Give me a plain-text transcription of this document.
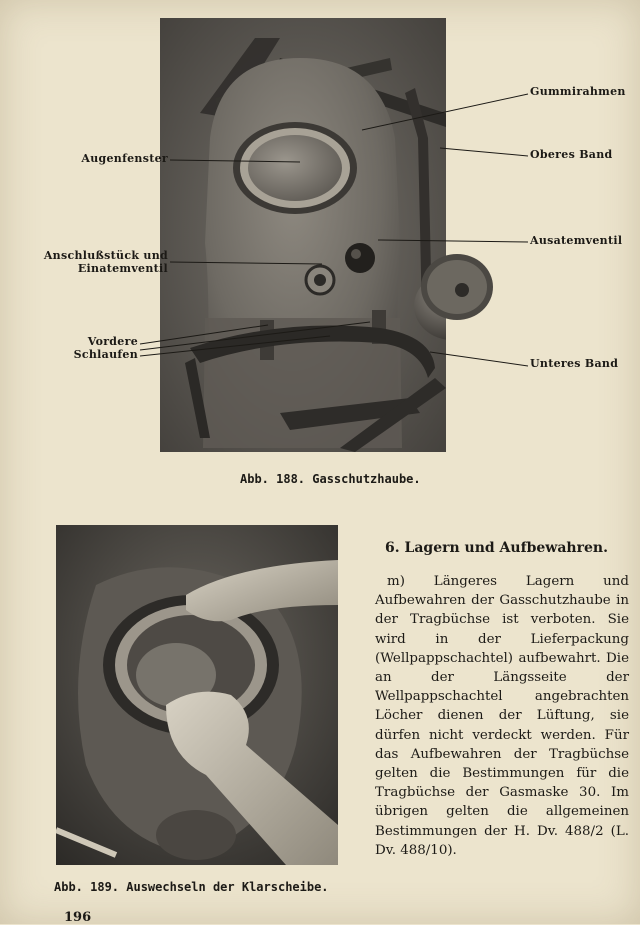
Gummirahmen
Oberes Band
Augenfenster
Anschlußstück und
Einatemventil
Ausatemventil
Vordere
Schlaufen
Unteres Band
Abb. 188. Gasschutzhaube.
Abb. 189. Auswechseln der Klarscheibe.
6. Lagern und Aufbewahren.

m) Längeres Lagern und Aufbewahren der Gasschutzhaube in der Tragbüchse ist verboten. Sie wird in der Lieferpackung (Wellpappschachtel) aufbewahrt. Die an der Längsseite der Wellpappschachtel angebrachten Löcher dienen der Lüftung, sie dürfen nicht verdeckt werden. Für das Aufbewahren der Tragbüchse gelten die Bestimmungen für die Tragbüchse der Gasmaske 30. Im übrigen gelten die allgemeinen Bestimmungen der H. Dv. 488/2 (L. Dv. 488/10).

196
